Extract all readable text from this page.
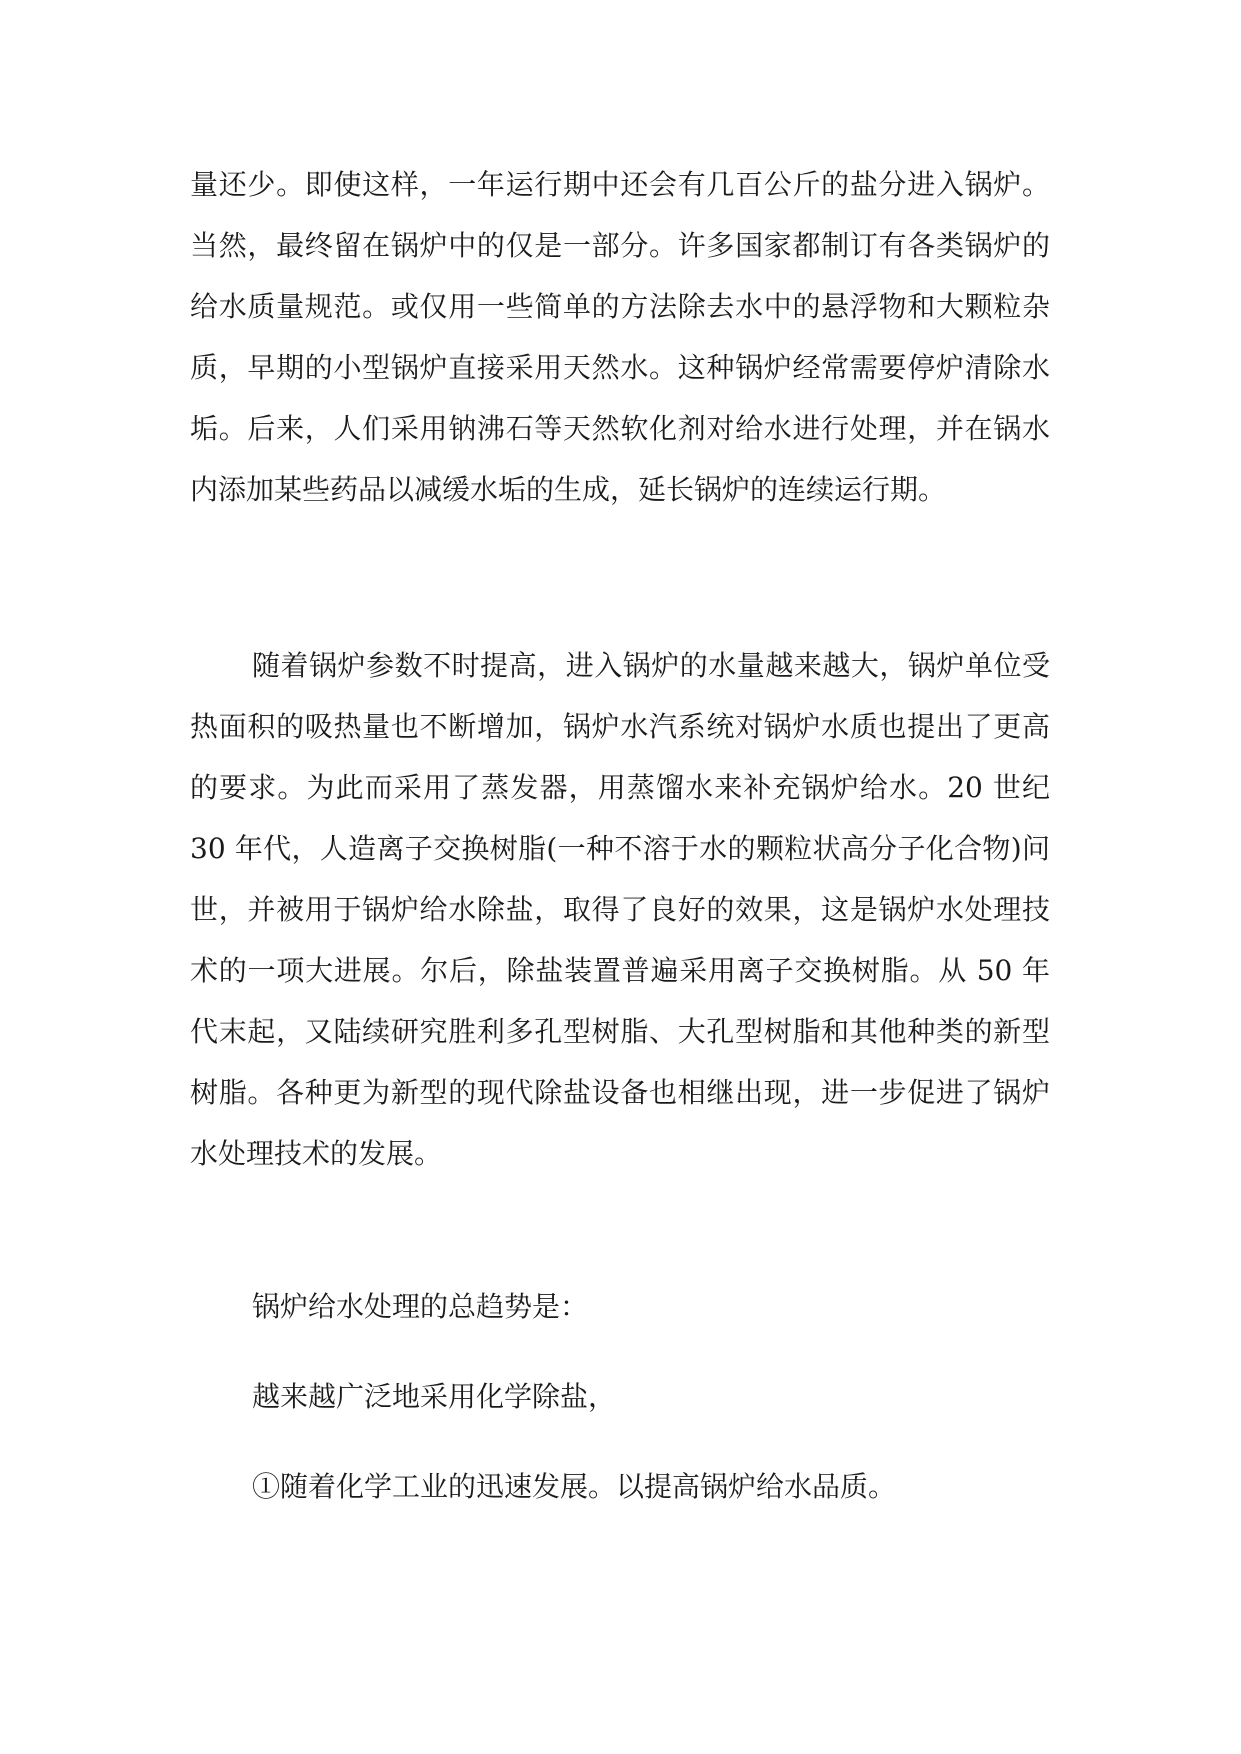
量还少。即使这样，一年运行期中还会有几百公斤的盐分进入锅炉。当然，最终留在锅炉中的仅是一部分。许多国家都制订有各类锅炉的给水质量规范。或仅用一些简单的方法除去水中的悬浮物和大颗粒杂质，早期的小型锅炉直接采用天然水。这种锅炉经常需要停炉清除水垢。后来，人们采用钠沸石等天然软化剂对给水进行处理，并在锅水内添加某些药品以减缓水垢的生成，延长锅炉的连续运行期。

随着锅炉参数不时提高，进入锅炉的水量越来越大，锅炉单位受热面积的吸热量也不断增加，锅炉水汽系统对锅炉水质也提出了更高的要求。为此而采用了蒸发器，用蒸馏水来补充锅炉给水。20 世纪 30 年代，人造离子交换树脂(一种不溶于水的颗粒状高分子化合物)问世，并被用于锅炉给水除盐，取得了良好的效果，这是锅炉水处理技术的一项大进展。尔后，除盐装置普遍采用离子交换树脂。从 50 年代末起，又陆续研究胜利多孔型树脂、大孔型树脂和其他种类的新型树脂。各种更为新型的现代除盐设备也相继出现，进一步促进了锅炉水处理技术的发展。

锅炉给水处理的总趋势是：

越来越广泛地采用化学除盐，

①随着化学工业的迅速发展。以提高锅炉给水品质。
